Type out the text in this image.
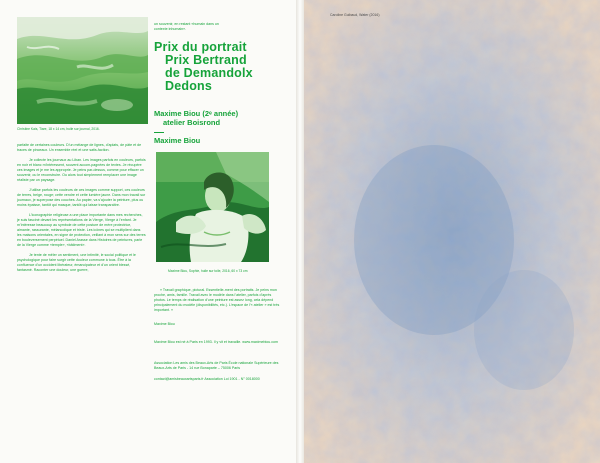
Christine Kais, Tiare, 18 x 14 cm, huile sur journal, 2016.
un souvenir, en restant «humain dans un
contexte inhumain».
Prix du portrait
Prix Bertrand
de Demandolx
Dedons
Maxime Biou (2ᵉ année)
atelier Boisrond
Maxime Biou

parfaite de certaines couleurs. D’un mélange de lignes, d’aplats, de pâte et de traces de pinceaux. Un ensemble réel et une satis-faction.

Je collecte les journaux au Liban. Les images parfois en couleurs, parfois en noir et blanc m’intéressent, souvent accom-pagnées de textes. Je récupère ces images et je me les approprie. Je peins par-dessus, comme pour effacer un souvenir, ou le reconstruire. Ou alors tout simplement remplacer une image réaliste par un paysage.

J’utilise parfois les couleurs de ces images comme support, ces couleurs de terres, beige, rouge; cette vendre et cette lumière jaune. Dans mon travail sur journaux, je superpose des couches. Au papier, va s’ajouter la peinture, plus ou moins épaisse, tantôt qui masque, tantôt qui laisse transparaître.

L’iconographie religieuse a une place importante dans mes recherches, je suis fasciné devant les représentations de la Vierge, Vierge à l’enfant. Je m’intéresse beaucoup au symbole de cette posture de mère protectrice, aimante, rassurante, mélancolique et triste. Les icônes qui se multiplient dans les maisons orientales, en signe de protection, veillant à mon sens sur des terres en bouleversement perpétuel. Daniel Arasse dans Histoires de peintures, parle de la Vierge comme «temple», «bâtiment».

Je tente de mêler un sentiment, une intimité, le social politique et le psychologique pour faire surgir cette douleur commune à tous. Être à la confluence d’un occident libérateur, émancipateur et d’un orient blessé, fantasmé. Raconter une douleur, une guerre,	Maxime Biou, Sophie, huile sur toile, 2016, 60 x 73 cm

« Travail graphique, pictural. Essentielle-ment des portraits. Je peins mon proche, amis, famille. Travail avec le modèle dans l’atelier, parfois d’après photos. Le temps de réalisation d’une peinture est assez long, cela dépend principalement du modèle (disponibilités, etc.). L’espace de l’« atelier » est très important. »

Maxime Biou

Maxime Biou est né à Paris en 1993. Il y vit et travaille. www.maximebiou.com

Association Les amis des Beaux-Arts de Paris École nationale Supérieure des Beaux-Arts de Paris - 14 rue Bonaparte – 75006 Paris

contact@amisbeauxartsparis.fr Association Loi 1901 - N° 0018000

Caroline Guibaud, Water (2016)
